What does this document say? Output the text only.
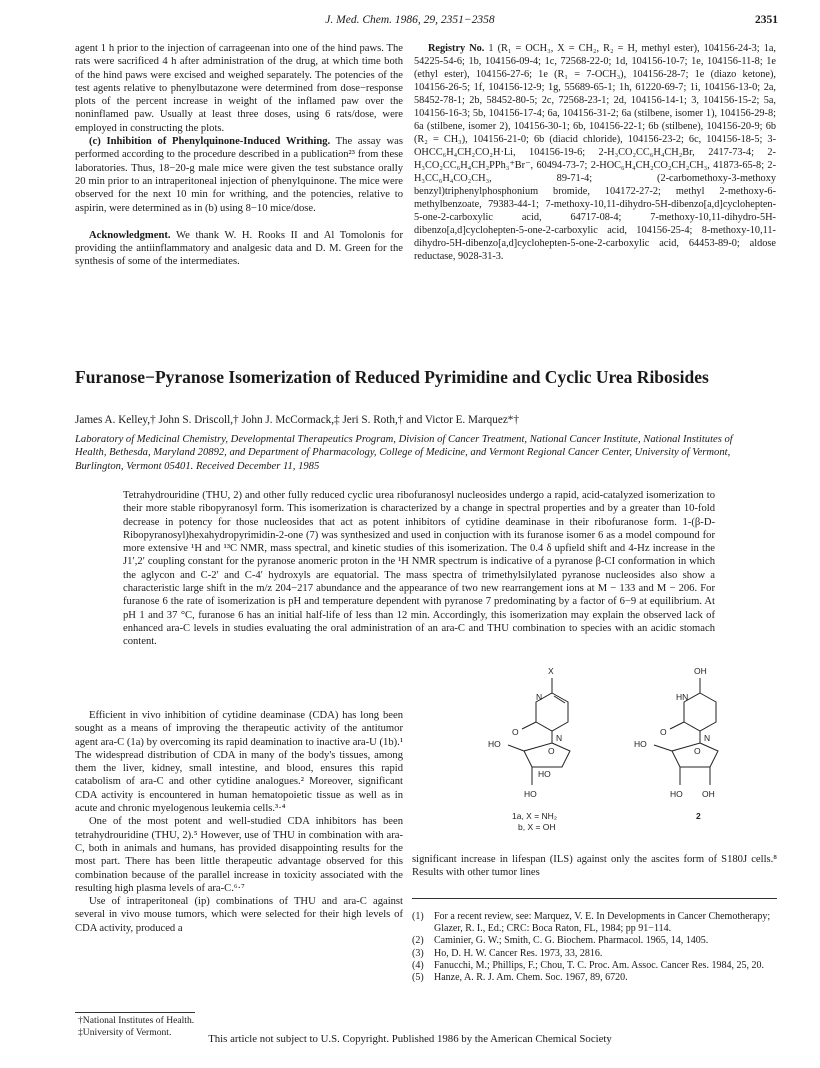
J. Med. Chem. 1986, 29, 2351−2358	2351

agent 1 h prior to the injection of carrageenan into one of the hind paws. The rats were sacrificed 4 h after administration of the drug, at which time both of the hind paws were excised and weighed separately. The potencies of the test agents relative to phenylbutazone were determined from dose−response plots of the percent increase in weight of the inflamed paw over the noninflamed paw. Usually at least three doses, using 6 rats/dose, were employed in constructing the plots.

(c) Inhibition of Phenylquinone-Induced Writhing. The assay was performed according to the procedure described in a publication²³ from these laboratories. Thus, 18−20-g male mice were given the test substance orally 20 min prior to an intraperitoneal injection of phenylquinone. The mice were observed for the next 10 min for writhing, and the potencies, relative to aspirin, were determined as in (b) using 8−10 mice/dose.

Acknowledgment. We thank W. H. Rooks II and Al Tomolonis for providing the antiinflammatory and analgesic data and D. M. Green for the synthesis of some of the intermediates.

Registry No. 1 (R₁ = OCH₃, X = CH₂, R₂ = H, methyl ester), 104156-24-3; 1a, 54225-54-6; 1b, 104156-09-4; 1c, 72568-22-0; 1d, 104156-10-7; 1e, 104156-11-8; 1e (ethyl ester), 104156-27-6; 1e (R₁ = 7-OCH₃), 104156-28-7; 1e (diazo ketone), 104156-26-5; 1f, 104156-12-9; 1g, 55689-65-1; 1h, 61220-69-7; 1i, 104156-13-0; 2a, 58452-78-1; 2b, 58452-80-5; 2c, 72568-23-1; 2d, 104156-14-1; 3, 104156-15-2; 5a, 104156-16-3; 5b, 104156-17-4; 6a, 104156-31-2; 6a (stilbene, isomer 1), 104156-29-8; 6a (stilbene, isomer 2), 104156-30-1; 6b, 104156-22-1; 6b (stilbene), 104156-20-9; 6b (R₂ = CH₃), 104156-21-0; 6b (diacid chloride), 104156-23-2; 6c, 104156-18-5; 3-OHCC₆H₄CH₂CO₂H·Li, 104156-19-6; 2-H₃CO₂CC₆H₄CH₂Br, 2417-73-4; 2-H₃CO₂CC₆H₄CH₂PPh₃⁺Br⁻, 60494-73-7; 2-HOC₆H₄CH₂CO₂CH₂CH₃, 41873-65-8; 2-H₃CC₆H₄CO₂CH₃, 89-71-4; (2-carbomethoxy-3-methoxy benzyl)triphenylphosphonium bromide, 104172-27-2; methyl 2-methoxy-6-methylbenzoate, 79383-44-1; 7-methoxy-10,11-dihydro-5H-dibenzo[a,d]cyclohepten-5-one-2-carboxylic acid, 64717-08-4; 7-methoxy-10,11-dihydro-5H-dibenzo[a,d]cyclohepten-5-one-2-carboxylic acid, 104156-25-4; 8-methoxy-10,11-dihydro-5H-dibenzo[a,d]cyclohepten-5-one-2-carboxylic acid, 64453-89-0; aldose reductase, 9028-31-3.

Furanose−Pyranose Isomerization of Reduced Pyrimidine and Cyclic Urea Ribosides
James A. Kelley,† John S. Driscoll,† John J. McCormack,‡ Jeri S. Roth,† and Victor E. Marquez*†
Laboratory of Medicinal Chemistry, Developmental Therapeutics Program, Division of Cancer Treatment, National Cancer Institute, National Institutes of Health, Bethesda, Maryland 20892, and Department of Pharmacology, College of Medicine, and Vermont Regional Cancer Center, University of Vermont, Burlington, Vermont 05401. Received December 11, 1985
Tetrahydrouridine (THU, 2) and other fully reduced cyclic urea ribofuranosyl nucleosides undergo a rapid, acid-catalyzed isomerization to their more stable ribopyranosyl form. This isomerization is characterized by a change in spectral properties and by a greater than 10-fold decrease in potency for those nucleosides that act as potent inhibitors of cytidine deaminase in their ribofuranose form. 1-(β-D-Ribopyranosyl)hexahydropyrimidin-2-one (7) was synthesized and used in conjuction with its furanose isomer 6 as a model compound for more extensive ¹H and ¹³C NMR, mass spectral, and kinetic studies of this isomerization. The 0.4 δ upfield shift and 4-Hz increase in the J1′,2′ coupling constant for the pyranose anomeric proton in the ¹H NMR spectrum is indicative of a pyranose β-CI conformation in which the aglycon and C-2′ and C-4′ hydroxyls are equatorial. The mass spectra of trimethylsilylated pyranose nucleosides also show a characteristic large shift in the m/z 204−217 abundance and the appearance of two new rearrangement ions at M − 133 and M − 206. For furanose 6 the rate of isomerization is pH and temperature dependent with pyranose 7 predominating by a factor of 6−9 at equilibrium. At pH 1 and 37 °C, furanose 6 has an initial half-life of less than 12 min. Accordingly, this isomerization may explain the observed lack of enhanced ara-C levels in studies evaluating the oral administration of an ara-C and THU combination to species with an acidic stomach content.

Efficient in vivo inhibition of cytidine deaminase (CDA) has long been sought as a means of improving the therapeutic activity of the antitumor agent ara-C (1a) by overcoming its rapid deamination to inactive ara-U (1b).¹ The widespread distribution of CDA in many of the body's tissues, among them the liver, kidney, small intestine, and blood, ensures this rapid catabolism of ara-C and other cytidine analogues.² Moreover, significant CDA activity is encountered in human hematopoietic tissue as well as in acute and chronic myelogenous leukemia cells.³·⁴

One of the most potent and well-studied CDA inhibitors has been tetrahydrouridine (THU, 2).⁵ However, use of THU in combination with ara-C, both in animals and humans, has provided disappointing results for the most part. There has been little therapeutic advantage observed for this combination because of the parallel increase in toxicity associated with the resulting high plasma levels of ara-C.⁶·⁷

Use of intraperitoneal (ip) combinations of THU and ara-C against several in vivo mouse tumors, which were selected for their high levels of CDA activity, produced a

†National Institutes of Health.

‡University of Vermont.

X	OH
N	HN
O	O
N	N
O	O
HO	HO
HO
HO	HO OH
1a, X = NH₂
b, X = OH
2

significant increase in lifespan (ILS) against only the ascites form of S180J cells.⁸ Results with other tumor lines

(1)	For a recent review, see: Marquez, V. E. In Developments in Cancer Chemotherapy; Glazer, R. I., Ed.; CRC: Boca Raton, FL, 1984; pp 91−114.
(2)	Caminier, G. W.; Smith, C. G. Biochem. Pharmacol. 1965, 14, 1405.
(3)	Ho, D. H. W. Cancer Res. 1973, 33, 2816.
(4)	Fanucchi, M.; Phillips, F.; Chou, T. C. Proc. Am. Assoc. Cancer Res. 1984, 25, 20.
(5)	Hanze, A. R. J. Am. Chem. Soc. 1967, 89, 6720.
This article not subject to U.S. Copyright. Published 1986 by the American Chemical Society
